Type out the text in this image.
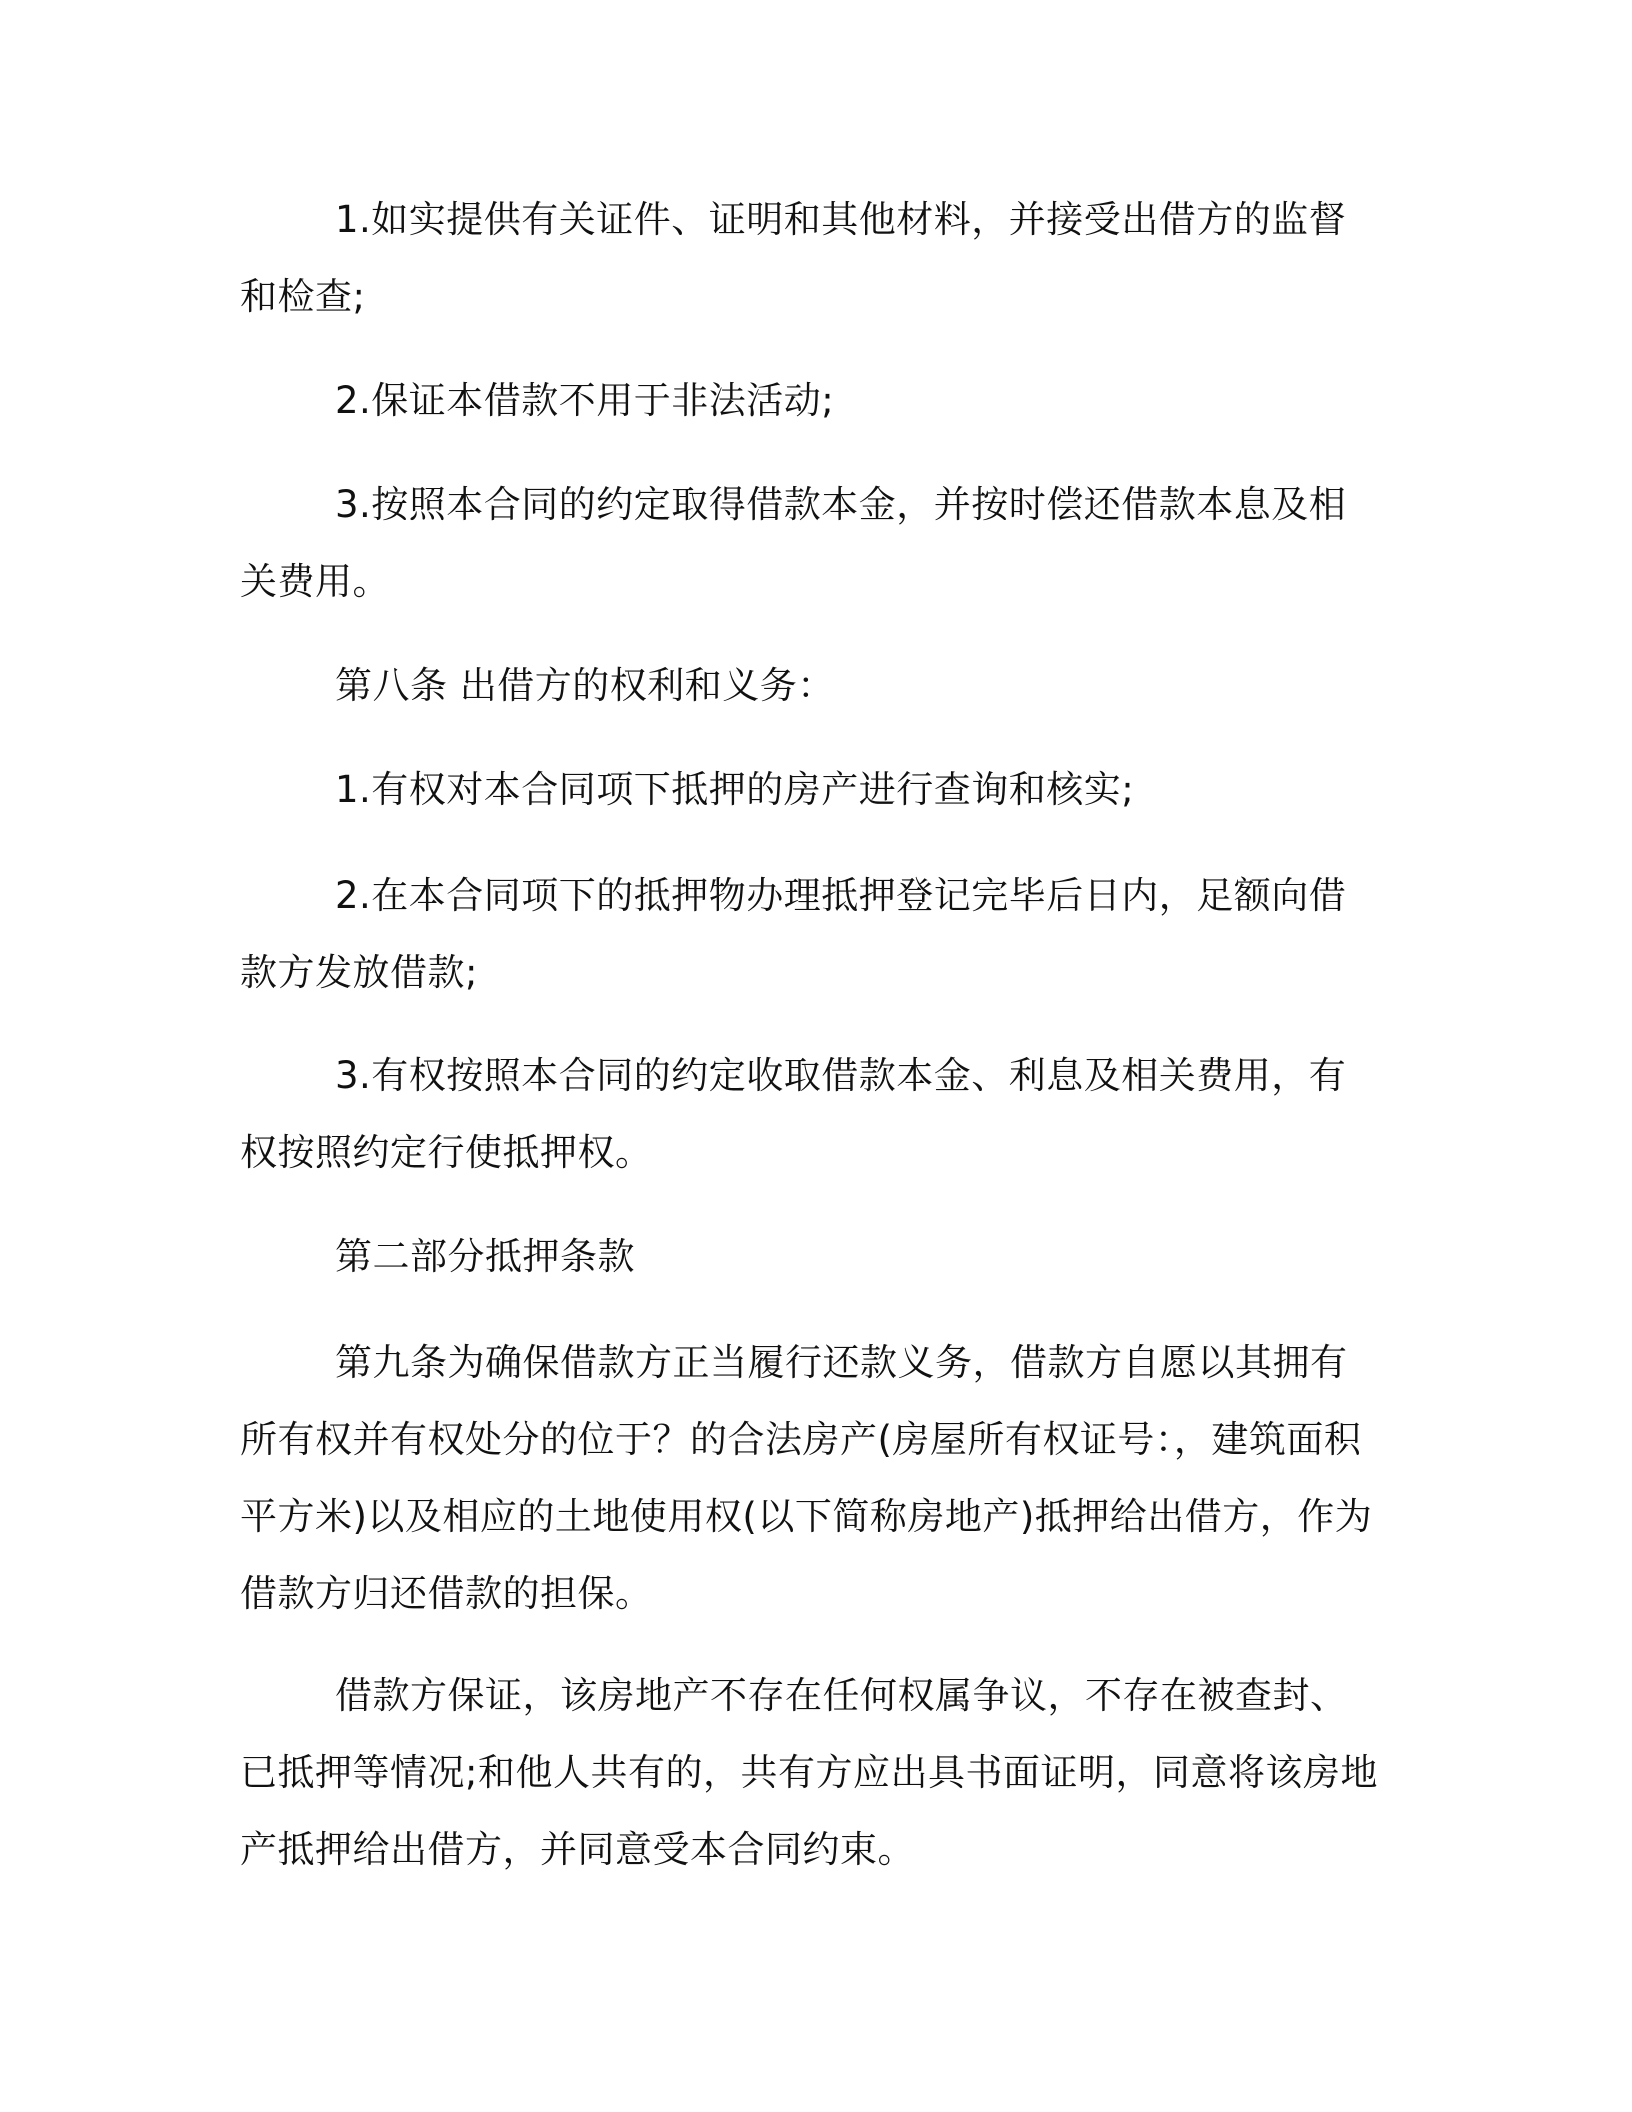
1.如实提供有关证件、证明和其他材料，并接受出借方的监督和检查;

2.保证本借款不用于非法活动;

3.按照本合同的约定取得借款本金，并按时偿还借款本息及相关费用。

第八条 出借方的权利和义务：

1.有权对本合同项下抵押的房产进行查询和核实;

2.在本合同项下的抵押物办理抵押登记完毕后日内，足额向借款方发放借款;

3.有权按照本合同的约定收取借款本金、利息及相关费用，有权按照约定行使抵押权。

第二部分抵押条款

第九条为确保借款方正当履行还款义务，借款方自愿以其拥有所有权并有权处分的位于？的合法房产(房屋所有权证号：，建筑面积平方米)以及相应的土地使用权(以下简称房地产)抵押给出借方，作为借款方归还借款的担保。

借款方保证，该房地产不存在任何权属争议，不存在被查封、已抵押等情况;和他人共有的，共有方应出具书面证明，同意将该房地产抵押给出借方，并同意受本合同约束。
